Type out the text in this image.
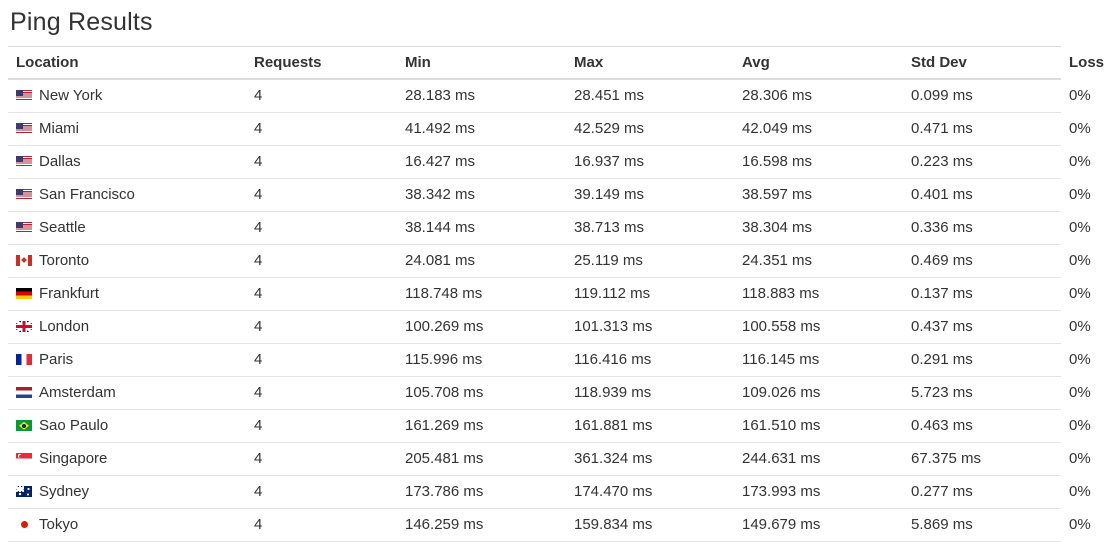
Ping Results
Location	Requests	Min	Max	Avg	Std Dev	Loss
New York	4	28.183 ms	28.451 ms	28.306 ms	0.099 ms	0%
Miami	4	41.492 ms	42.529 ms	42.049 ms	0.471 ms	0%
Dallas	4	16.427 ms	16.937 ms	16.598 ms	0.223 ms	0%
San Francisco	4	38.342 ms	39.149 ms	38.597 ms	0.401 ms	0%
Seattle	4	38.144 ms	38.713 ms	38.304 ms	0.336 ms	0%
Toronto	4	24.081 ms	25.119 ms	24.351 ms	0.469 ms	0%
Frankfurt	4	118.748 ms	119.112 ms	118.883 ms	0.137 ms	0%
London	4	100.269 ms	101.313 ms	100.558 ms	0.437 ms	0%
Paris	4	115.996 ms	116.416 ms	116.145 ms	0.291 ms	0%
Amsterdam	4	105.708 ms	118.939 ms	109.026 ms	5.723 ms	0%
Sao Paulo	4	161.269 ms	161.881 ms	161.510 ms	0.463 ms	0%
Singapore	4	205.481 ms	361.324 ms	244.631 ms	67.375 ms	0%
Sydney	4	173.786 ms	174.470 ms	173.993 ms	0.277 ms	0%
Tokyo	4	146.259 ms	159.834 ms	149.679 ms	5.869 ms	0%
